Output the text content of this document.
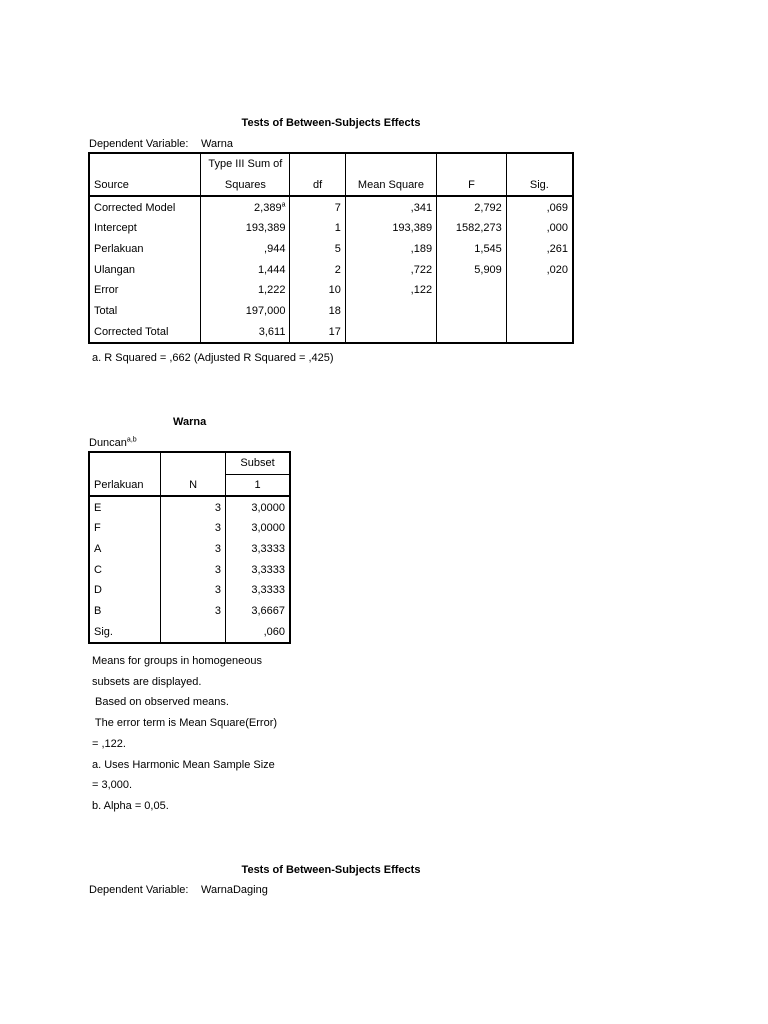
Tests of Between-Subjects Effects
Dependent Variable: Warna
	Type III Sum of				
Source	Squares	df	Mean Square	F	Sig.
Corrected Model	2,389$^a$	7	,341	2,792	,069
Intercept	193,389	1	193,389	1582,273	,000
Perlakuan	,944	5	,189	1,545	,261
Ulangan	1,444	2	,722	5,909	,020
Error	1,222	10	,122		
Total	197,000	18			
Corrected Total	3,611	17			
a. R Squared = ,662 (Adjusted R Squared = ,425)
Warna
Duncan$^{a,b}$
		Subset
Perlakuan	N	1
E	3	3,0000
F	3	3,0000
A	3	3,3333
C	3	3,3333
D	3	3,3333
B	3	3,6667
Sig.		,060
Means for groups in homogeneous
subsets are displayed.
Based on observed means.
The error term is Mean Square(Error)
= ,122.
a. Uses Harmonic Mean Sample Size
= 3,000.
b. Alpha = 0,05.
Tests of Between-Subjects Effects
Dependent Variable: WarnaDaging
